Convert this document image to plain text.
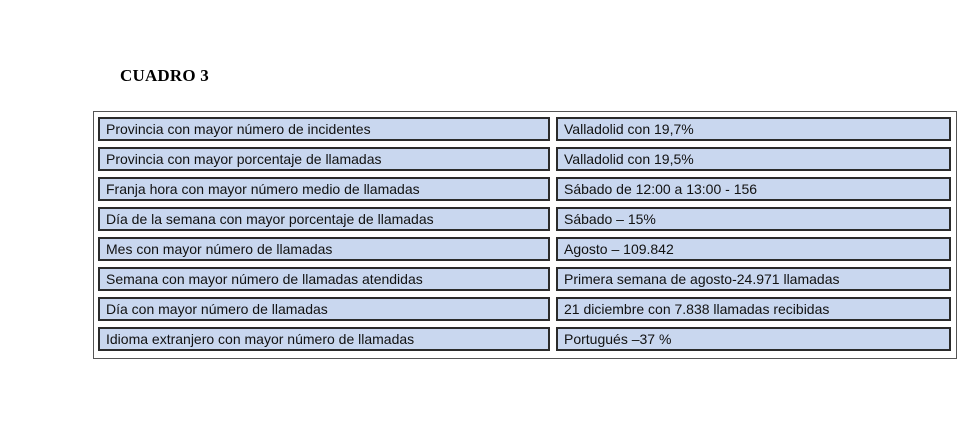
CUADRO 3
Provincia con mayor número de incidentes	Valladolid con 19,7%
Provincia con mayor porcentaje de llamadas	Valladolid con 19,5%
Franja hora con mayor número medio de llamadas	Sábado de 12:00 a 13:00 - 156
Día de la semana con mayor porcentaje de llamadas	Sábado – 15%
Mes con mayor número de llamadas	Agosto – 109.842
Semana con mayor número de llamadas atendidas	Primera semana de agosto-24.971 llamadas
Día con mayor número de llamadas	21 diciembre con 7.838 llamadas recibidas
Idioma extranjero con mayor número de llamadas	Portugués –37 %
